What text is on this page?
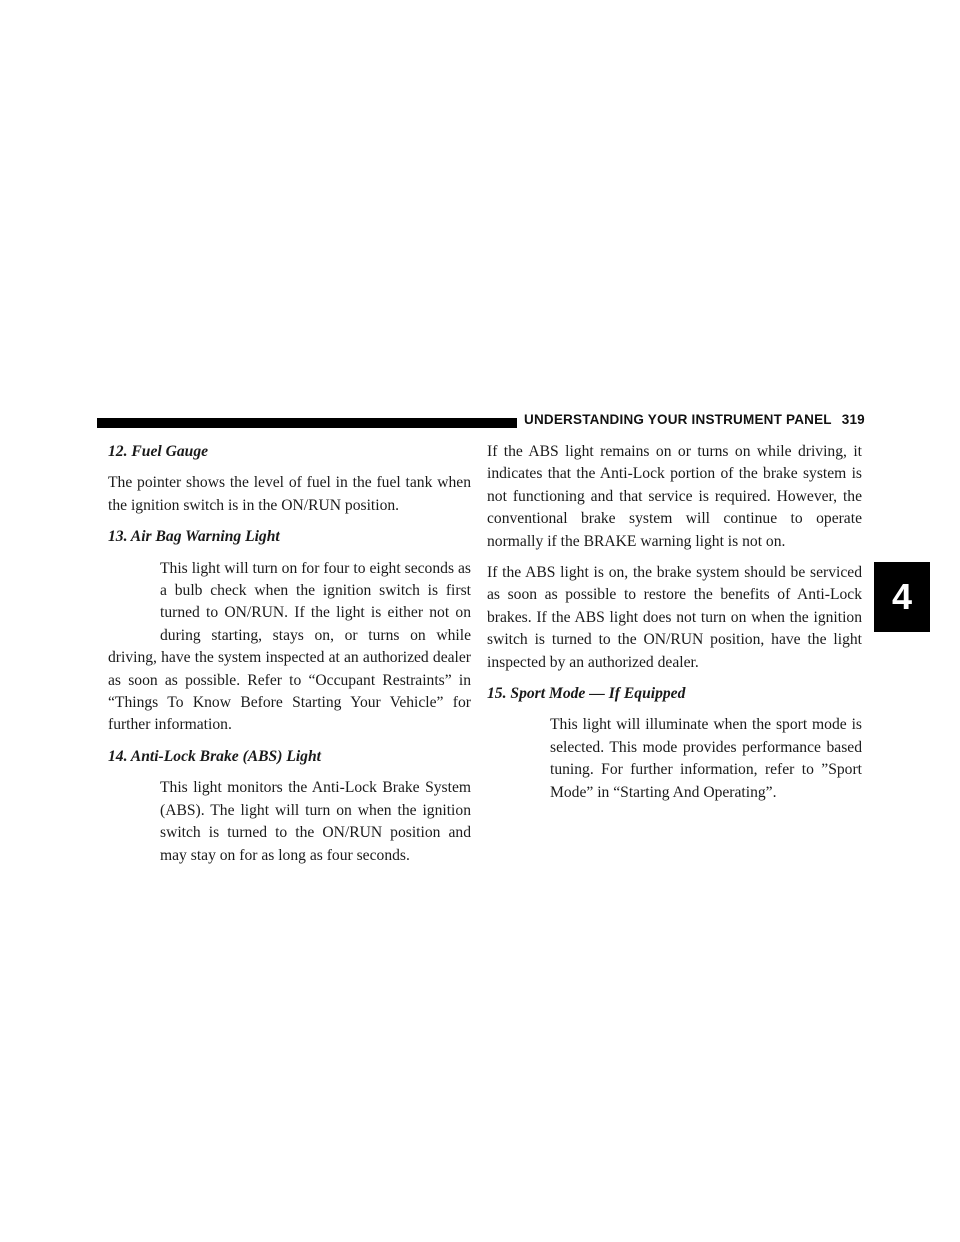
UNDERSTANDING YOUR INSTRUMENT PANEL 319
12. Fuel Gauge

The pointer shows the level of fuel in the fuel tank when the ignition switch is in the ON/RUN position.

13. Air Bag Warning Light
This light will turn on for four to eight seconds as a bulb check when the ignition switch is first turned to ON/RUN. If the light is either not on during starting, stays on, or turns on while driving, have the system inspected at an authorized dealer as soon as possible. Refer to “Occupant Restraints” in “Things To Know Before Starting Your Vehicle” for further information.
14. Anti-Lock Brake (ABS) Light
This light monitors the Anti-Lock Brake System (ABS). The light will turn on when the ignition switch is turned to the ON/RUN position and may stay on for as long as four seconds.

If the ABS light remains on or turns on while driving, it indicates that the Anti-Lock portion of the brake system is not functioning and that service is required. However, the conventional brake system will continue to operate normally if the BRAKE warning light is not on.

If the ABS light is on, the brake system should be serviced as soon as possible to restore the benefits of Anti-Lock brakes. If the ABS light does not turn on when the ignition switch is turned to the ON/RUN position, have the light inspected by an authorized dealer.

15. Sport Mode — If Equipped
This light will illuminate when the sport mode is selected. This mode provides performance based tuning. For further information, refer to ”Sport Mode” in “Starting And Operating”.
4
